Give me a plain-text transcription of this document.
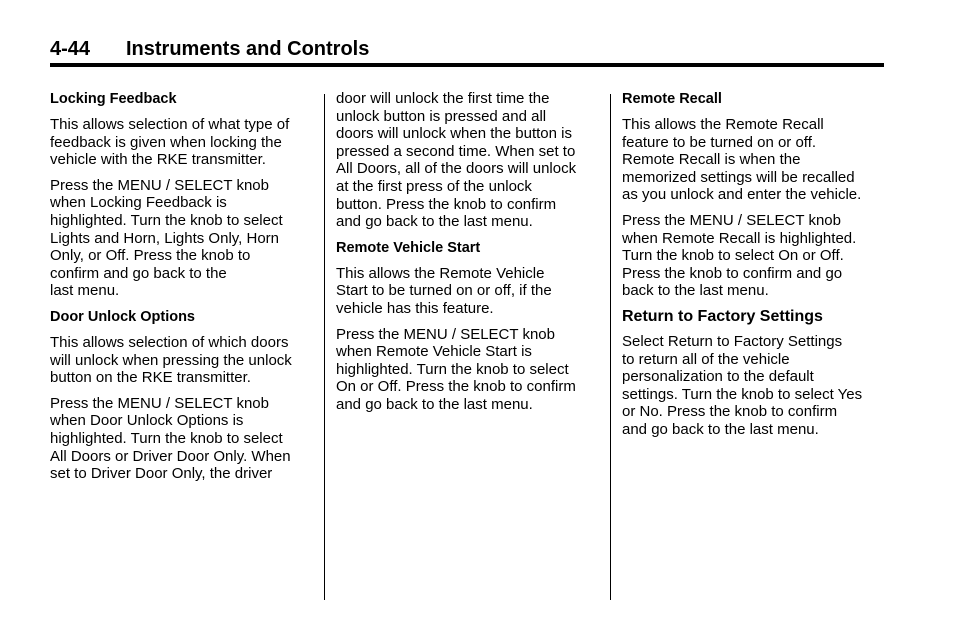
4-44	Instruments and Controls
Locking Feedback

This allows selection of what type of
feedback is given when locking the
vehicle with the RKE transmitter.

Press the MENU / SELECT knob
when Locking Feedback is
highlighted. Turn the knob to select
Lights and Horn, Lights Only, Horn
Only, or Off. Press the knob to
confirm and go back to the
last menu.

Door Unlock Options

This allows selection of which doors
will unlock when pressing the unlock
button on the RKE transmitter.

Press the MENU / SELECT knob
when Door Unlock Options is
highlighted. Turn the knob to select
All Doors or Driver Door Only. When
set to Driver Door Only, the driver

door will unlock the first time the
unlock button is pressed and all
doors will unlock when the button is
pressed a second time. When set to
All Doors, all of the doors will unlock
at the first press of the unlock
button. Press the knob to confirm
and go back to the last menu.

Remote Vehicle Start

This allows the Remote Vehicle
Start to be turned on or off, if the
vehicle has this feature.

Press the MENU / SELECT knob
when Remote Vehicle Start is
highlighted. Turn the knob to select
On or Off. Press the knob to confirm
and go back to the last menu.

Remote Recall

This allows the Remote Recall
feature to be turned on or off.
Remote Recall is when the
memorized settings will be recalled
as you unlock and enter the vehicle.

Press the MENU / SELECT knob
when Remote Recall is highlighted.
Turn the knob to select On or Off.
Press the knob to confirm and go
back to the last menu.

Return to Factory Settings

Select Return to Factory Settings
to return all of the vehicle
personalization to the default
settings. Turn the knob to select Yes
or No. Press the knob to confirm
and go back to the last menu.
